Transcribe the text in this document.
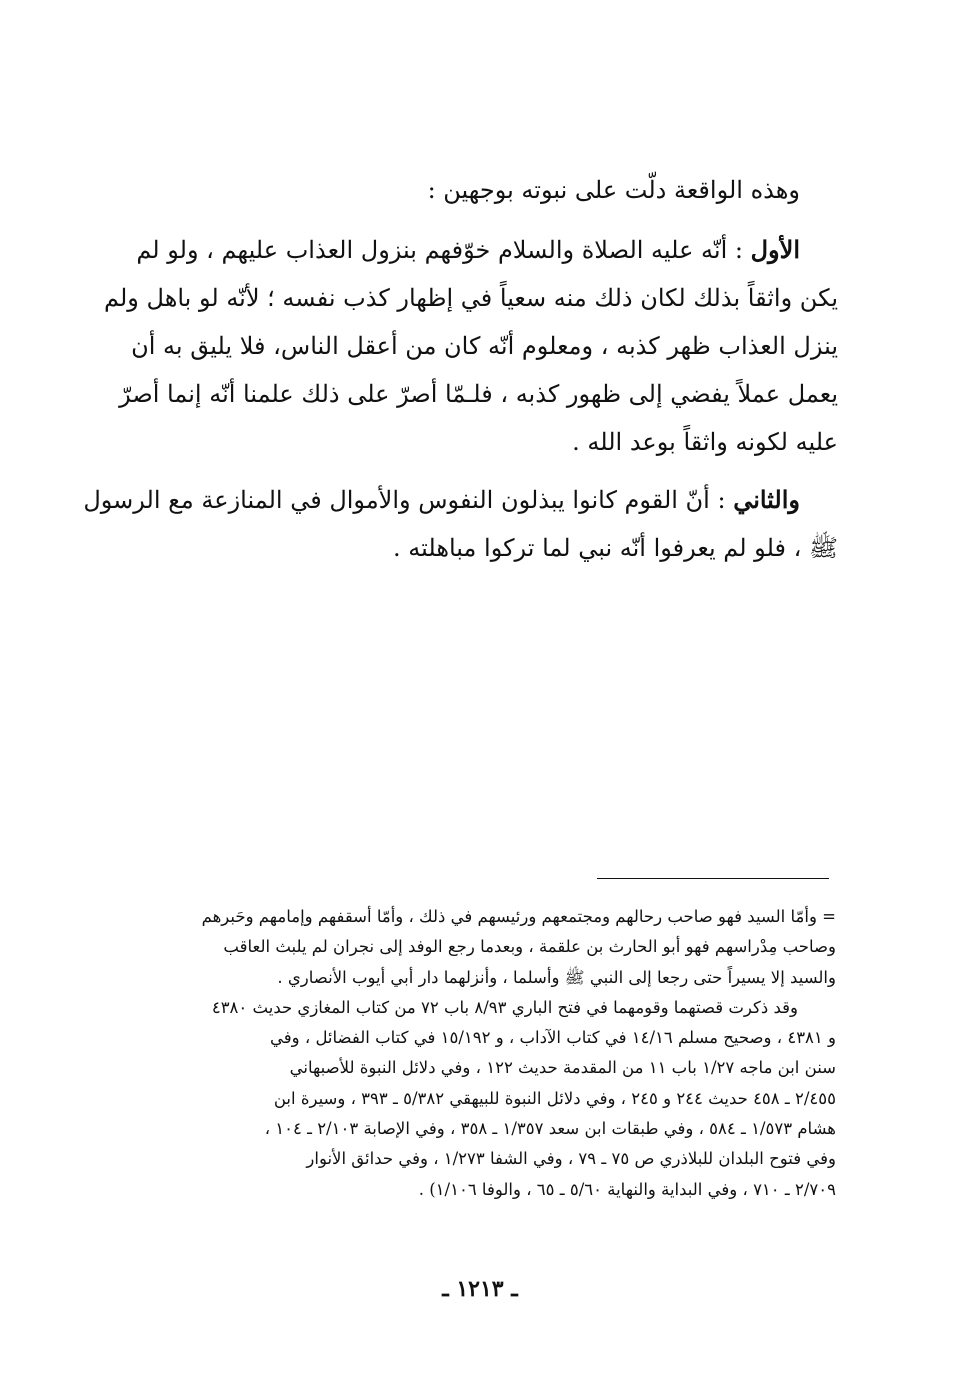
وهذه الواقعة دلّت على نبوته بوجهين :
الأول : أنّه عليه الصلاة والسلام خوّفهم بنزول العذاب عليهم ، ولو لم
يكن واثقاً بذلك لكان ذلك منه سعياً في إظهار كذب نفسه ؛ لأنّه لو باهل ولم
ينزل العذاب ظهر كذبه ، ومعلوم أنّه كان من أعقل الناس، فلا يليق به أن
يعمل عملاً يفضي إلى ظهور كذبه ، فلـمّا أصرّ على ذلك علمنا أنّه إنما أصرّ
عليه لكونه واثقاً بوعد الله .
والثاني : أنّ القوم كانوا يبذلون النفوس والأموال في المنازعة مع الرسول
ﷺ ، فلو لم يعرفوا أنّه نبي لما تركوا مباهلته .
= وأمّا السيد فهو صاحب رحالهم ومجتمعهم ورئيسهم في ذلك ، وأمّا أسقفهم وإمامهم وحَبرهم
وصاحب مِدْراسهم فهو أبو الحارث بن علقمة ، وبعدما رجع الوفد إلى نجران لم يلبث العاقب
والسيد إلا يسيراً حتى رجعا إلى النبي ﷺ وأسلما ، وأنزلهما دار أبي أيوب الأنصاري .
وقد ذكرت قصتهما وقومهما في فتح الباري ٨/٩٣ باب ٧٢ من كتاب المغازي حديث ٤٣٨٠
و ٤٣٨١ ، وصحيح مسلم ١٤/١٦ في كتاب الآداب ، و ١٥/١٩٢ في كتاب الفضائل ، وفي
سنن ابن ماجه ١/٢٧ باب ١١ من المقدمة حديث ١٢٢ ، وفي دلائل النبوة للأصبهاني
٢/٤٥٥ ـ ٤٥٨ حديث ٢٤٤ و ٢٤٥ ، وفي دلائل النبوة للبيهقي ٥/٣٨٢ ـ ٣٩٣ ، وسيرة ابن
هشام ١/٥٧٣ ـ ٥٨٤ ، وفي طبقات ابن سعد ١/٣٥٧ ـ ٣٥٨ ، وفي الإصابة ٢/١٠٣ ـ ١٠٤ ،
وفي فتوح البلدان للبلاذري ص ٧٥ ـ ٧٩ ، وفي الشفا ١/٢٧٣ ، وفي حدائق الأنوار
٢/٧٠٩ ـ ٧١٠ ، وفي البداية والنهاية ٥/٦٠ ـ ٦٥ ، والوفا ١/١٠٦) .
ـ ١٢١٣ ـ
